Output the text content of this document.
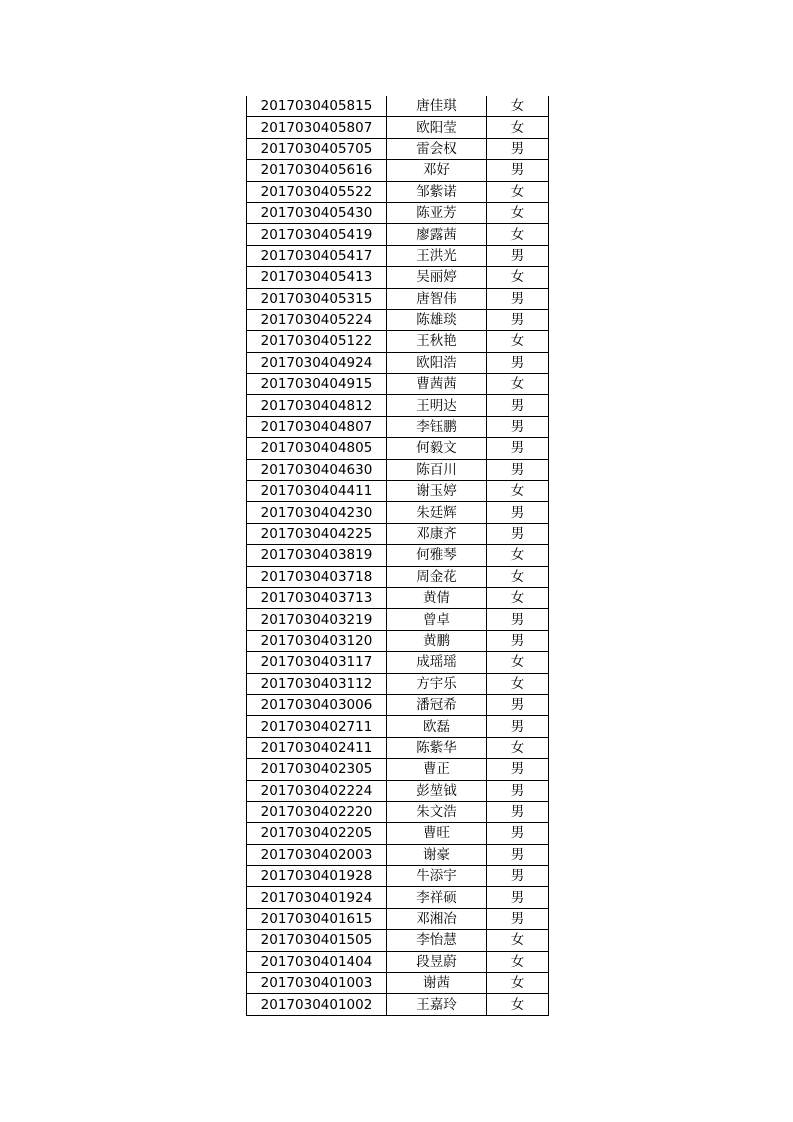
2017030405815	唐佳琪	女
2017030405807	欧阳莹	女
2017030405705	雷会权	男
2017030405616	邓好	男
2017030405522	邹紫诺	女
2017030405430	陈亚芳	女
2017030405419	廖露茜	女
2017030405417	王洪光	男
2017030405413	吴丽婷	女
2017030405315	唐智伟	男
2017030405224	陈雄琰	男
2017030405122	王秋艳	女
2017030404924	欧阳浩	男
2017030404915	曹茜茜	女
2017030404812	王明达	男
2017030404807	李钰鹏	男
2017030404805	何毅文	男
2017030404630	陈百川	男
2017030404411	谢玉婷	女
2017030404230	朱廷辉	男
2017030404225	邓康齐	男
2017030403819	何雅琴	女
2017030403718	周金花	女
2017030403713	黄倩	女
2017030403219	曾卓	男
2017030403120	黄鹏	男
2017030403117	成瑶瑶	女
2017030403112	方宇乐	女
2017030403006	潘冠希	男
2017030402711	欧磊	男
2017030402411	陈紫华	女
2017030402305	曹正	男
2017030402224	彭堃钺	男
2017030402220	朱文浩	男
2017030402205	曹旺	男
2017030402003	谢豪	男
2017030401928	牛添宇	男
2017030401924	李祥硕	男
2017030401615	邓湘冶	男
2017030401505	李怡慧	女
2017030401404	段昱蔚	女
2017030401003	谢茜	女
2017030401002	王嘉玲	女
